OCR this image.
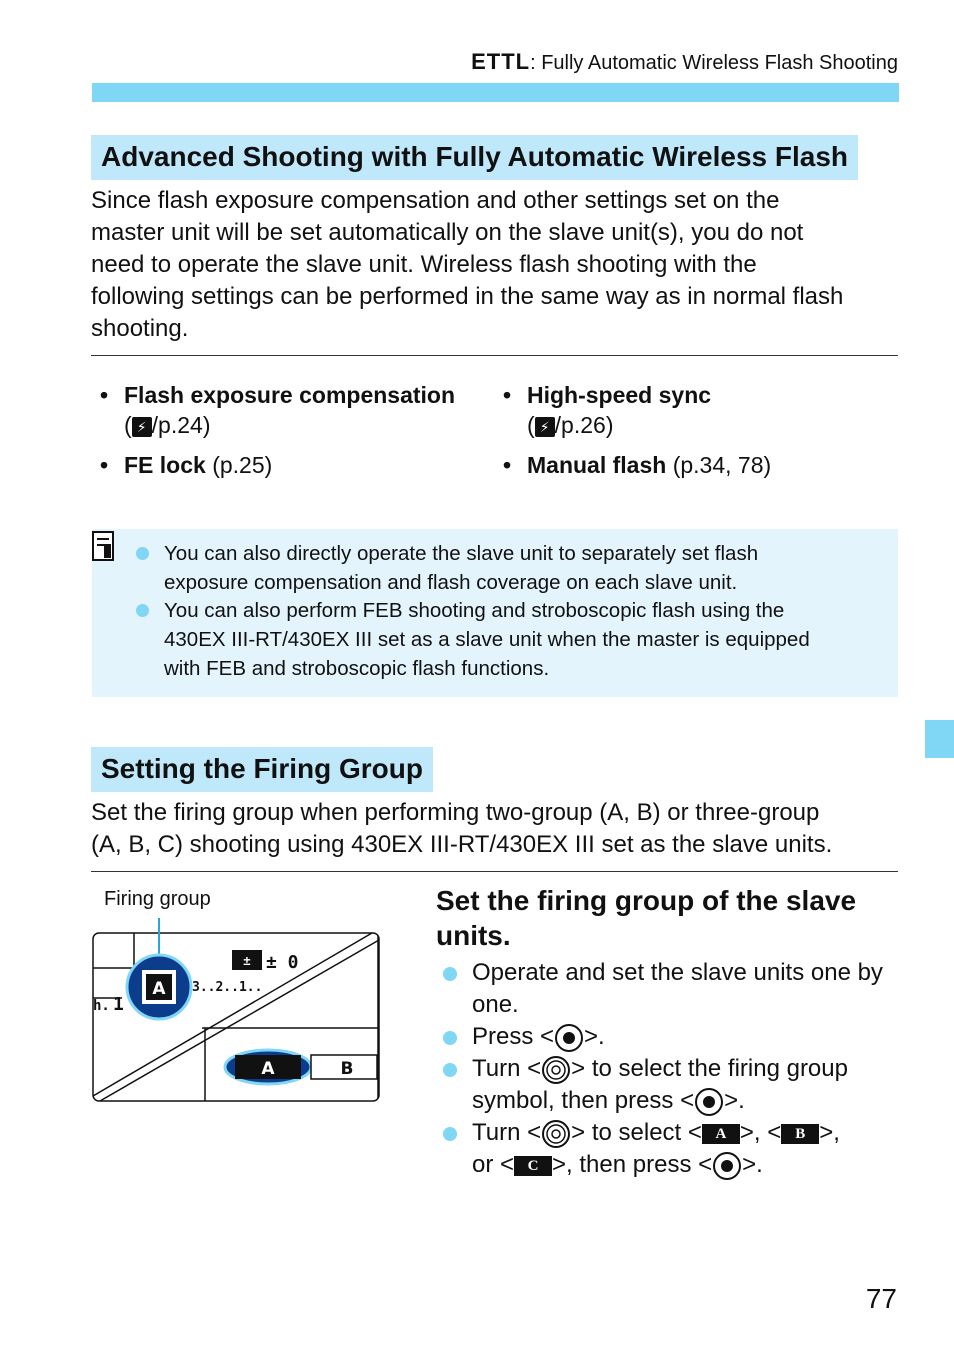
ETTL: Fully Automatic Wireless Flash Shooting
Advanced Shooting with Fully Automatic Wireless Flash
Since flash exposure compensation and other settings set on the
master unit will be set automatically on the slave unit(s), you do not
need to operate the slave unit. Wireless flash shooting with the
following settings can be performed in the same way as in normal flash
shooting.
• Flash exposure compensation
( ⚡ /p.24)
• High-speed sync
( ⚡ /p.26)
• FE lock (p.25)	• Manual flash (p.34, 78)
You can also directly operate the slave unit to separately set flash
exposure compensation and flash coverage on each slave unit.
You can also perform FEB shooting and stroboscopic flash using the
430EX III-RT/430EX III set as a slave unit when the master is equipped
with FEB and stroboscopic flash functions.
Setting the Firing Group
Set the firing group when performing two-group (A, B) or three-group
(A, B, C) shooting using 430EX III-RT/430EX III set as the slave units.
Firing group
± ± 0
3..2..1..
h. 1
A
A	B
Set the firing group of the slave
units.
Operate and set the slave units one by
one.
Press < >.
Turn < > to select the firing group
symbol, then press < >.
Turn < > to select < A >, < B >,
or < C >, then press < >.
77
